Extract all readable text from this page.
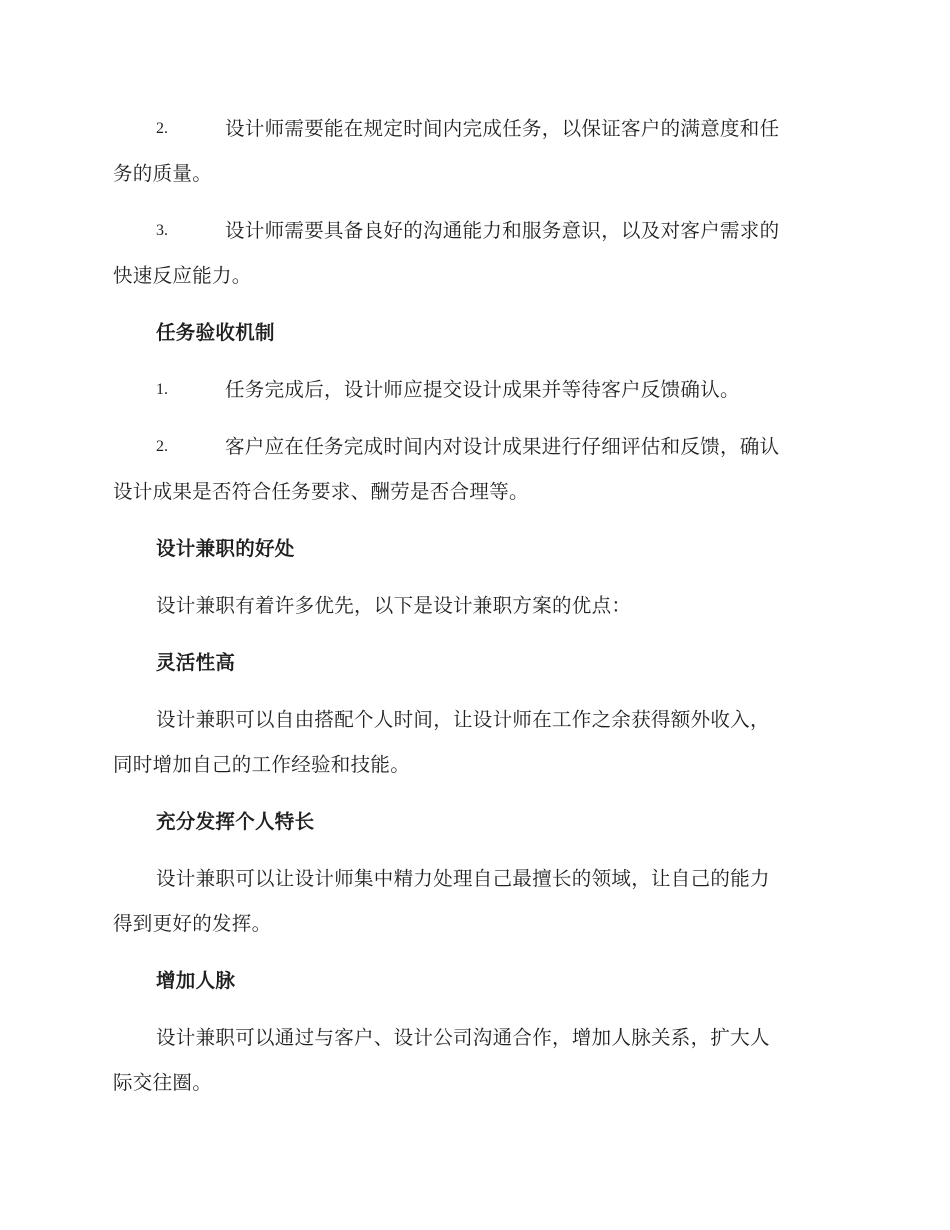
2.	设计师需要能在规定时间内完成任务，以保证客户的满意度和任
务的质量。
3.	设计师需要具备良好的沟通能力和服务意识，以及对客户需求的
快速反应能力。
任务验收机制
1.	任务完成后，设计师应提交设计成果并等待客户反馈确认。
2.	客户应在任务完成时间内对设计成果进行仔细评估和反馈，确认
设计成果是否符合任务要求、酬劳是否合理等。
设计兼职的好处
设计兼职有着许多优先，以下是设计兼职方案的优点：
灵活性高
设计兼职可以自由搭配个人时间，让设计师在工作之余获得额外收入，
同时增加自己的工作经验和技能。
充分发挥个人特长
设计兼职可以让设计师集中精力处理自己最擅长的领域，让自己的能力
得到更好的发挥。
增加人脉
设计兼职可以通过与客户、设计公司沟通合作，增加人脉关系，扩大人
际交往圈。
